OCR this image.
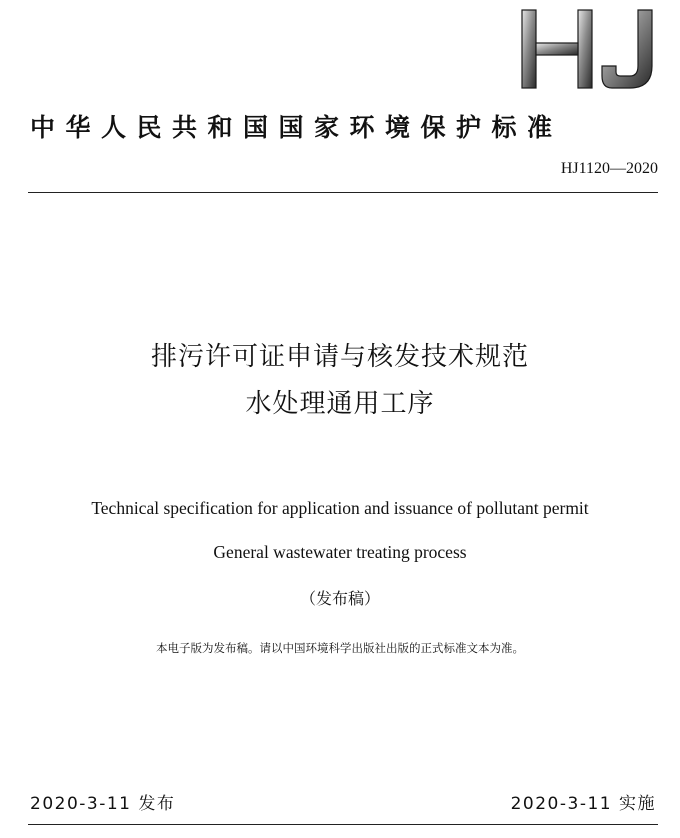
中华人民共和国国家环境保护标准
HJ1120—2020
排污许可证申请与核发技术规范
水处理通用工序
Technical specification for application and issuance of pollutant permit
General wastewater treating process
（发布稿）
本电子版为发布稿。请以中国环境科学出版社出版的正式标准文本为准。
2020-3-11 发布	2020-3-11 实施
